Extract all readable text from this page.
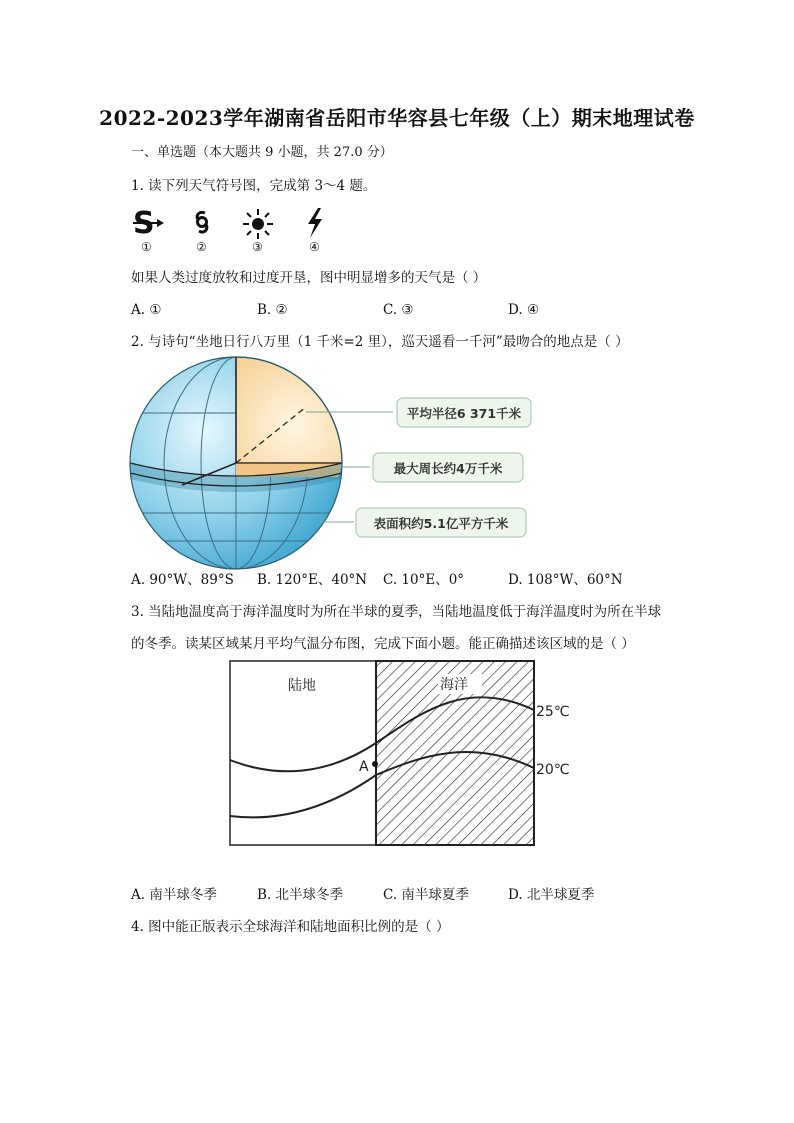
2022-2023学年湖南省岳阳市华容县七年级（上）期末地理试卷
一、单选题（本大题共 9 小题，共 27.0 分）
1. 读下列天气符号图，完成第 3～4 题。
S
①	②	③	④
如果人类过度放牧和过度开垦，图中明显增多的天气是（ ）
A. ①	B. ②	C. ③	D. ④
2. 与诗句“坐地日行八万里（1 千米=2 里），巡天遥看一千河”最吻合的地点是（ ）
平均半径6 371千米
最大周长约4万千米
表面积约5.1亿平方千米
A. 90°W、89°S B. 120°E、40°N C. 10°E、0°	D. 108°W、60°N
3. 当陆地温度高于海洋温度时为所在半球的夏季，当陆地温度低于海洋温度时为所在半球
的冬季。读某区域某月平均气温分布图，完成下面小题。能正确描述该区域的是（ ）
陆地	海洋
A
25℃
20℃
A. 南半球冬季	B. 北半球冬季	C. 南半球夏季	D. 北半球夏季
4. 图中能正版表示全球海洋和陆地面积比例的是（ ）
